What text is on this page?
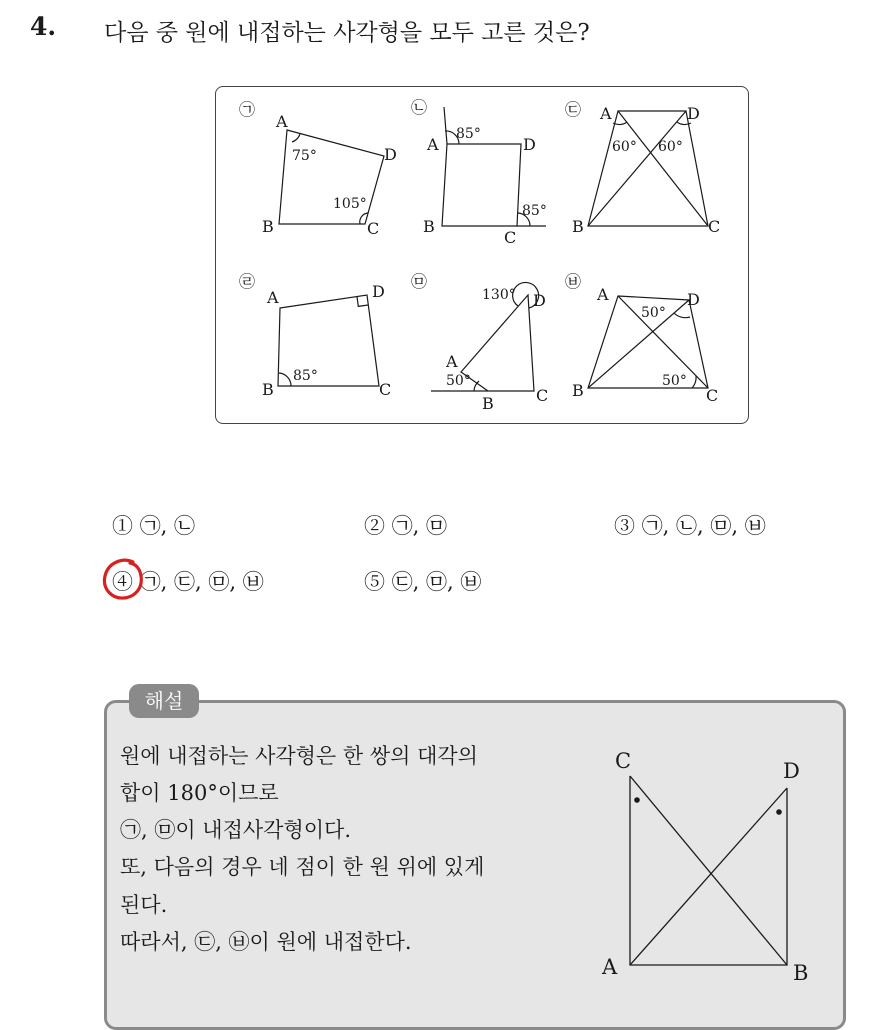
4. 다음 중 원에 내접하는 사각형을 모두 고른 것은?
㉠
A
D
B	C
75°
105°
㉡
A	D
B
C
85°
85°
㉢ A	D
B	C
60° 60°
㉣
A	D
B	C
85°
㉤
A
D
B	C
130°
50°
㉥
A	D
B	C
50°
50°
① ㉠, ㉡	② ㉠, ㉤	③ ㉠, ㉡, ㉤, ㉥
④ ㉠, ㉢, ㉤, ㉥	⑤ ㉢, ㉤, ㉥
해설
원에 내접하는 사각형은 한 쌍의 대각의
합이 180°이므로
㉠, ㉤이 내접사각형이다.
또, 다음의 경우 네 점이 한 원 위에 있게
된다.
따라서, ㉢, ㉥이 원에 내접한다.
C	D
A	B
